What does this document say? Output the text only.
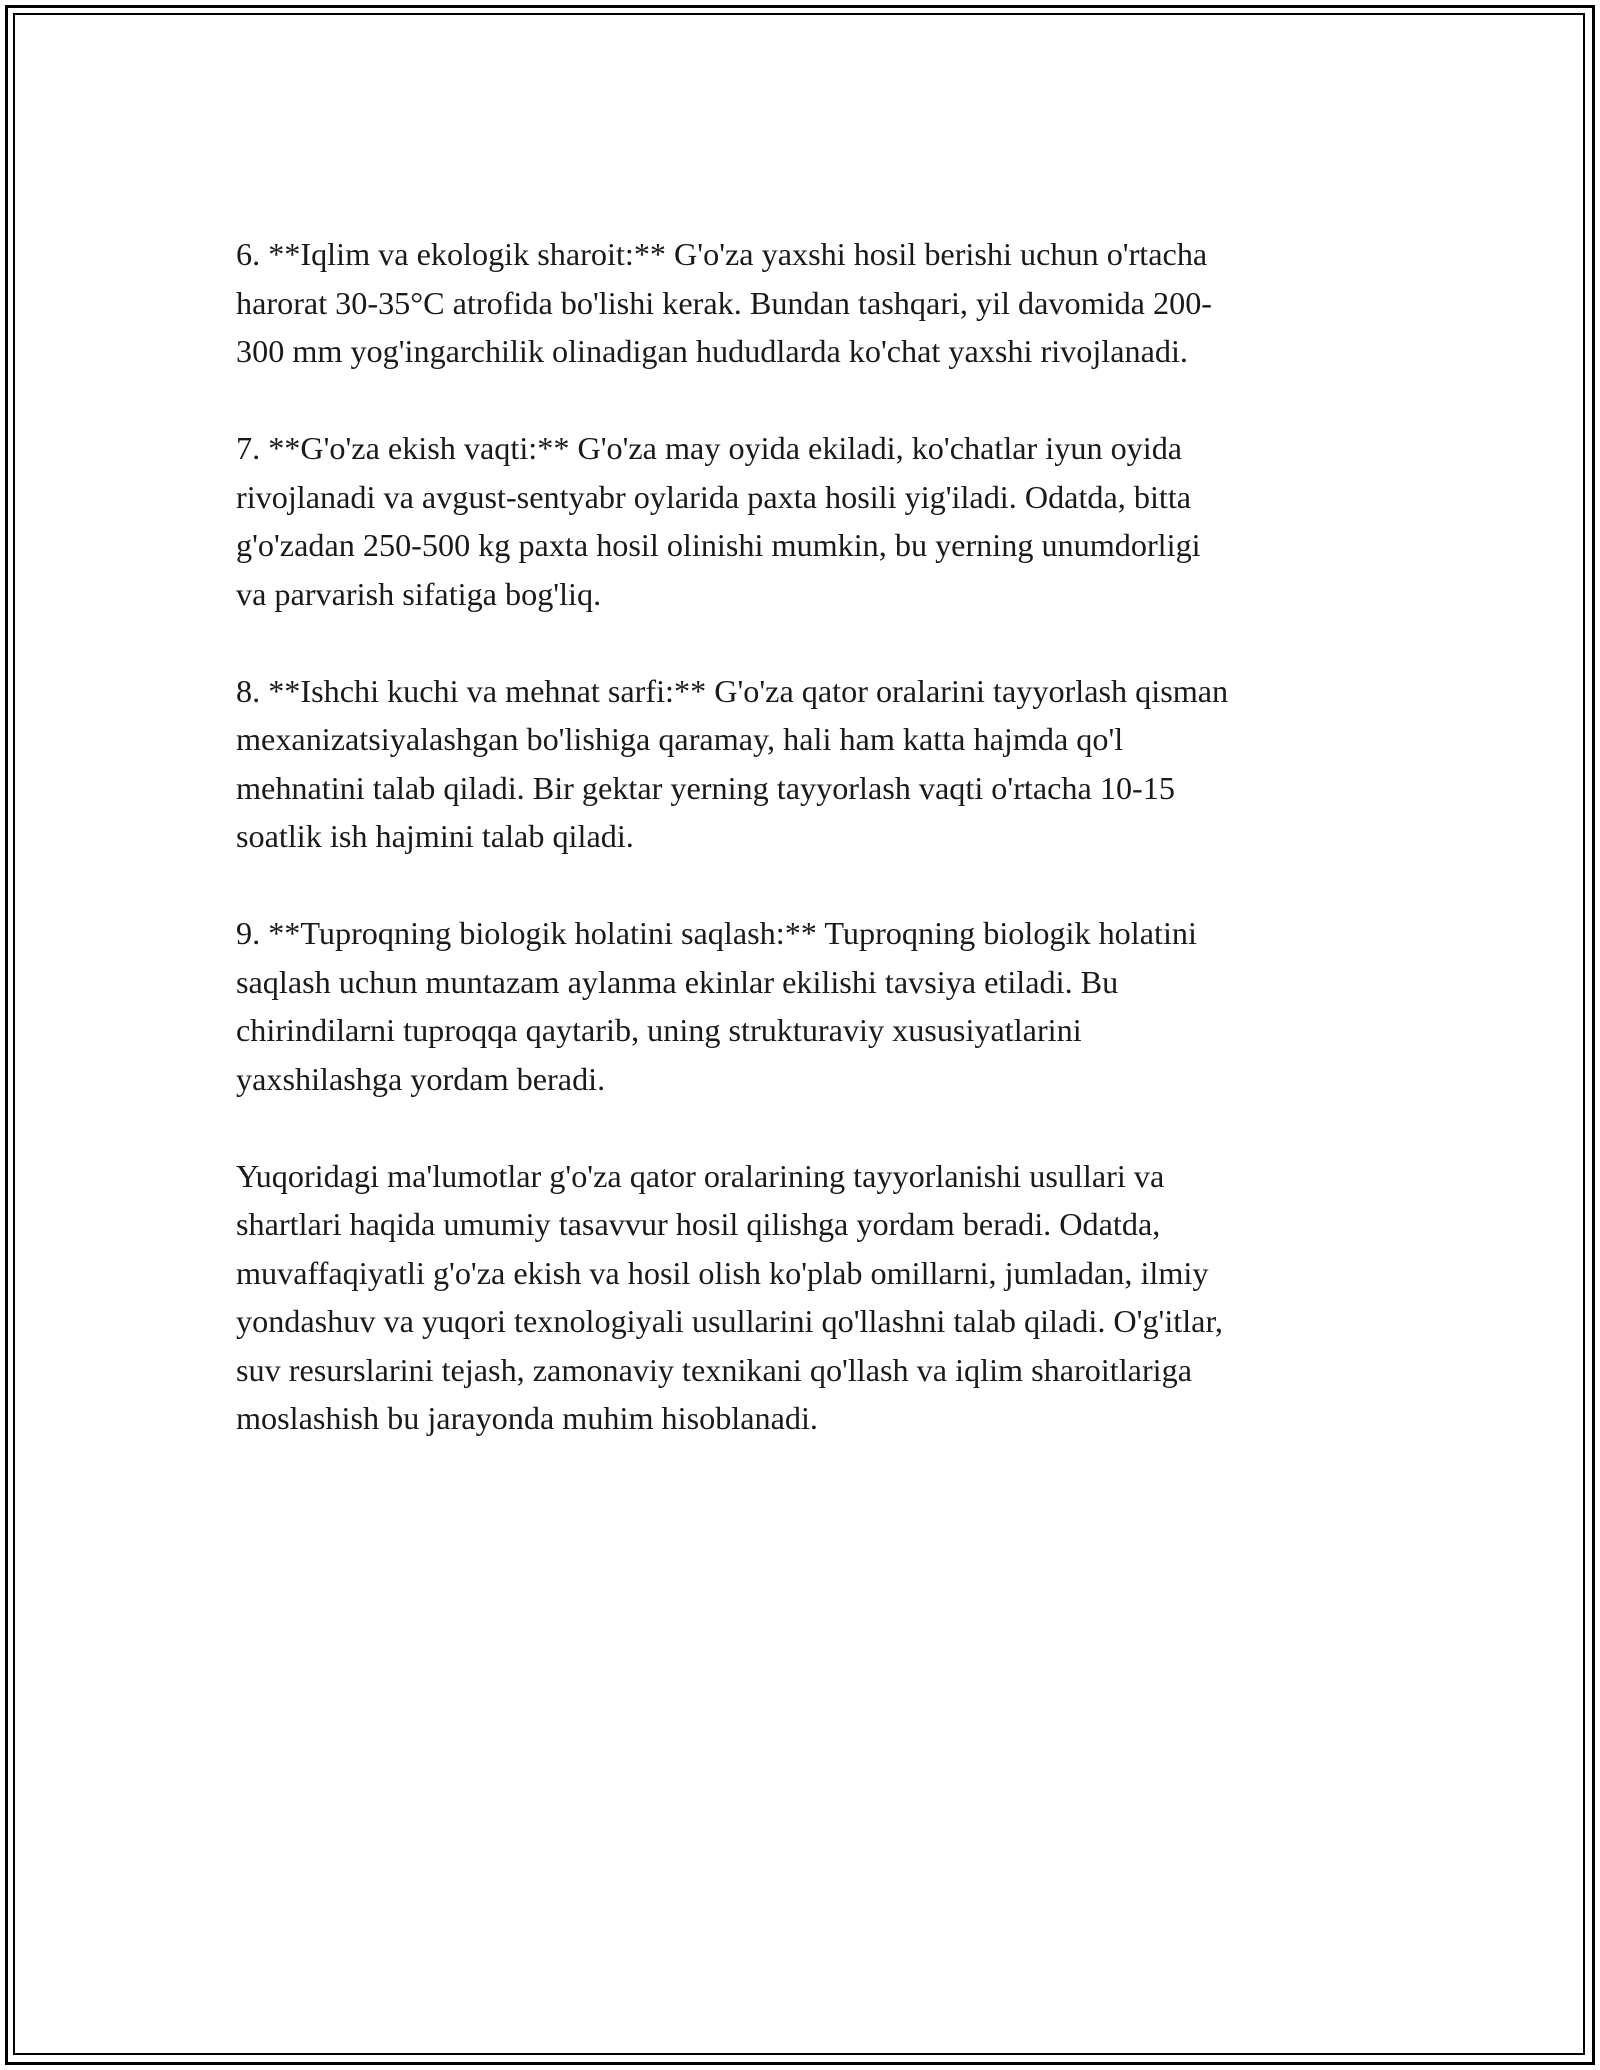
6. **Iqlim va ekologik sharoit:** G'o'za yaxshi hosil berishi uchun o'rtacha
harorat 30-35°C atrofida bo'lishi kerak. Bundan tashqari, yil davomida 200-
300 mm yog'ingarchilik olinadigan hududlarda ko'chat yaxshi rivojlanadi.

7. **G'o'za ekish vaqti:** G'o'za may oyida ekiladi, ko'chatlar iyun oyida
rivojlanadi va avgust-sentyabr oylarida paxta hosili yig'iladi. Odatda, bitta
g'o'zadan 250-500 kg paxta hosil olinishi mumkin, bu yerning unumdorligi
va parvarish sifatiga bog'liq.

8. **Ishchi kuchi va mehnat sarfi:** G'o'za qator oralarini tayyorlash qisman
mexanizatsiyalashgan bo'lishiga qaramay, hali ham katta hajmda qo'l
mehnatini talab qiladi. Bir gektar yerning tayyorlash vaqti o'rtacha 10-15
soatlik ish hajmini talab qiladi.

9. **Tuproqning biologik holatini saqlash:** Tuproqning biologik holatini
saqlash uchun muntazam aylanma ekinlar ekilishi tavsiya etiladi. Bu
chirindilarni tuproqqa qaytarib, uning strukturaviy xususiyatlarini
yaxshilashga yordam beradi.

Yuqoridagi ma'lumotlar g'o'za qator oralarining tayyorlanishi usullari va
shartlari haqida umumiy tasavvur hosil qilishga yordam beradi. Odatda,
muvaffaqiyatli g'o'za ekish va hosil olish ko'plab omillarni, jumladan, ilmiy
yondashuv va yuqori texnologiyali usullarini qo'llashni talab qiladi. O'g'itlar,
suv resurslarini tejash, zamonaviy texnikani qo'llash va iqlim sharoitlariga
moslashish bu jarayonda muhim hisoblanadi.
